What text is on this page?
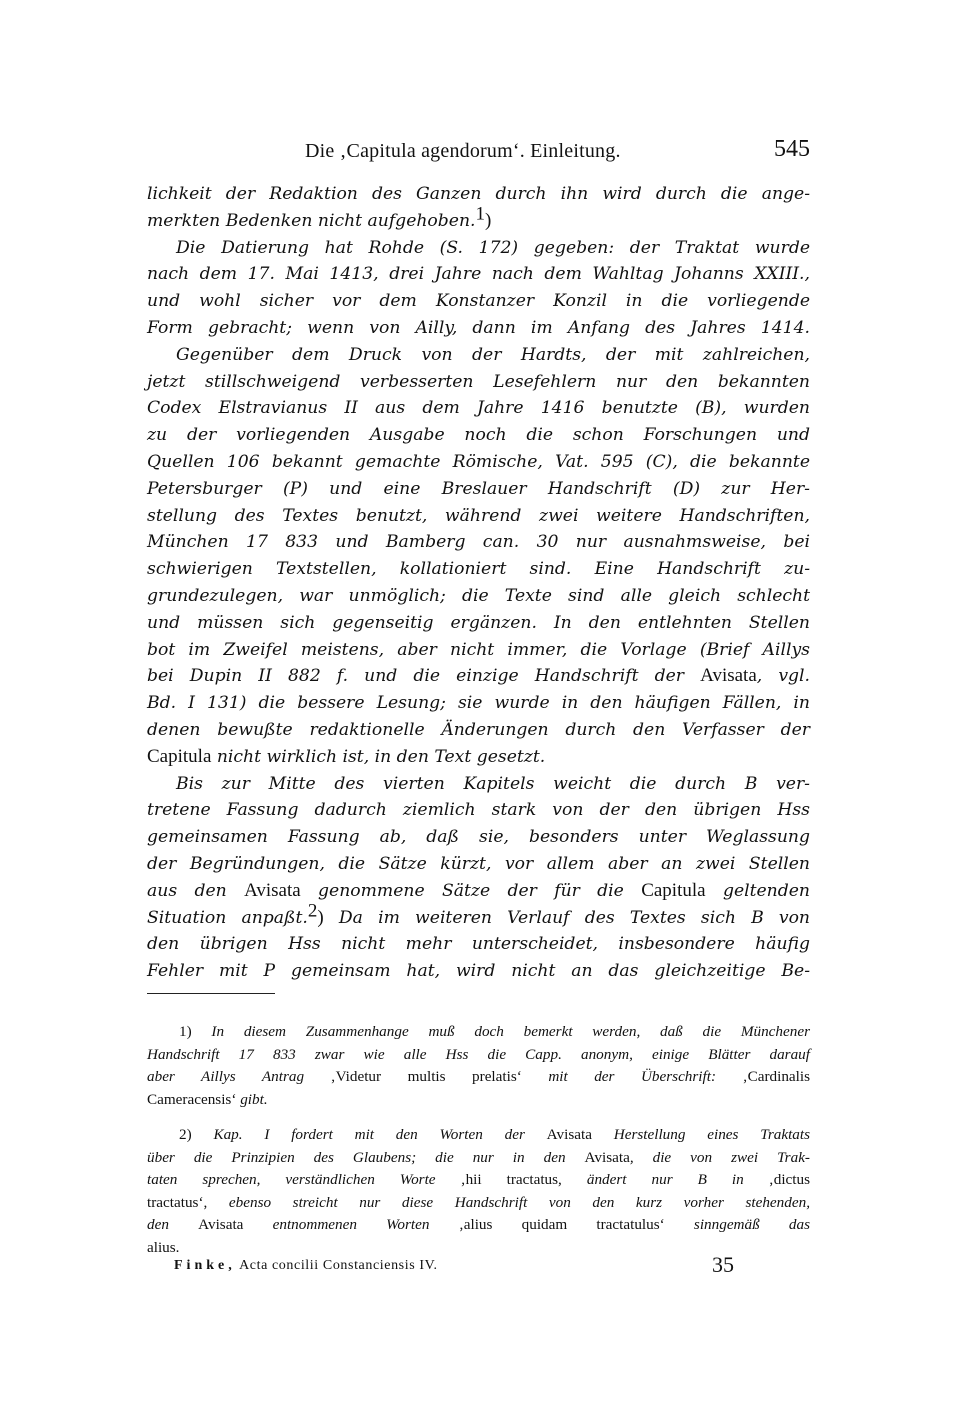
Die ‚Capitula agendorum‘. Einleitung.	545
lichkeit der Redaktion des Ganzen durch ihn wird durch die ange-
merkten Bedenken nicht aufgehoben.$^1$)
Die Datierung hat Rohde (S. 172) gegeben: der Traktat wurde
nach dem 17. Mai 1413, drei Jahre nach dem Wahltag Johanns XXIII.,
und wohl sicher vor dem Konstanzer Konzil in die vorliegende
Form gebracht; wenn von Ailly, dann im Anfang des Jahres 1414.
Gegenüber dem Druck von der Hardts, der mit zahlreichen,
jetzt stillschweigend verbesserten Lesefehlern nur den bekannten
Codex Elstravianus II aus dem Jahre 1416 benutzte (B), wurden
zu der vorliegenden Ausgabe noch die schon Forschungen und
Quellen 106 bekannt gemachte Römische, Vat. 595 (C), die bekannte
Petersburger (P) und eine Breslauer Handschrift (D) zur Her-
stellung des Textes benutzt, während zwei weitere Handschriften,
München 17 833 und Bamberg can. 30 nur ausnahmsweise, bei
schwierigen Textstellen, kollationiert sind. Eine Handschrift zu-
grundezulegen, war unmöglich; die Texte sind alle gleich schlecht
und müssen sich gegenseitig ergänzen. In den entlehnten Stellen
bot im Zweifel meistens, aber nicht immer, die Vorlage (Brief Aillys
bei Dupin II 882 f. und die einzige Handschrift der Avisata, vgl.
Bd. I 131) die bessere Lesung; sie wurde in den häufigen Fällen, in
denen bewußte redaktionelle Änderungen durch den Verfasser der
Capitula nicht wirklich ist, in den Text gesetzt.
Bis zur Mitte des vierten Kapitels weicht die durch B ver-
tretene Fassung dadurch ziemlich stark von der den übrigen Hss
gemeinsamen Fassung ab, daß sie, besonders unter Weglassung
der Begründungen, die Sätze kürzt, vor allem aber an zwei Stellen
aus den Avisata genommene Sätze der für die Capitula geltenden
Situation anpaßt.$^2$) Da im weiteren Verlauf des Textes sich B von
den übrigen Hss nicht mehr unterscheidet, insbesondere häufig
Fehler mit P gemeinsam hat, wird nicht an das gleichzeitige Be-
1) In diesem Zusammenhange muß doch bemerkt werden, daß die Münchener
Handschrift 17 833 zwar wie alle Hss die Capp. anonym, einige Blätter darauf
aber Aillys Antrag ‚Videtur multis prelatis‘ mit der Überschrift: ‚Cardinalis
Cameracensis‘ gibt.
2) Kap. I fordert mit den Worten der Avisata Herstellung eines Traktats
über die Prinzipien des Glaubens; die nur in den Avisata, die von zwei Trak-
taten sprechen, verständlichen Worte ‚hii tractatus, ändert nur B in ‚dictus
tractatus‘, ebenso streicht nur diese Handschrift von den kurz vorher stehenden,
den Avisata entnommenen Worten ‚alius quidam tractatulus‘ sinngemäß das
alius.
Finke, Acta concilii Constanciensis IV.	35
